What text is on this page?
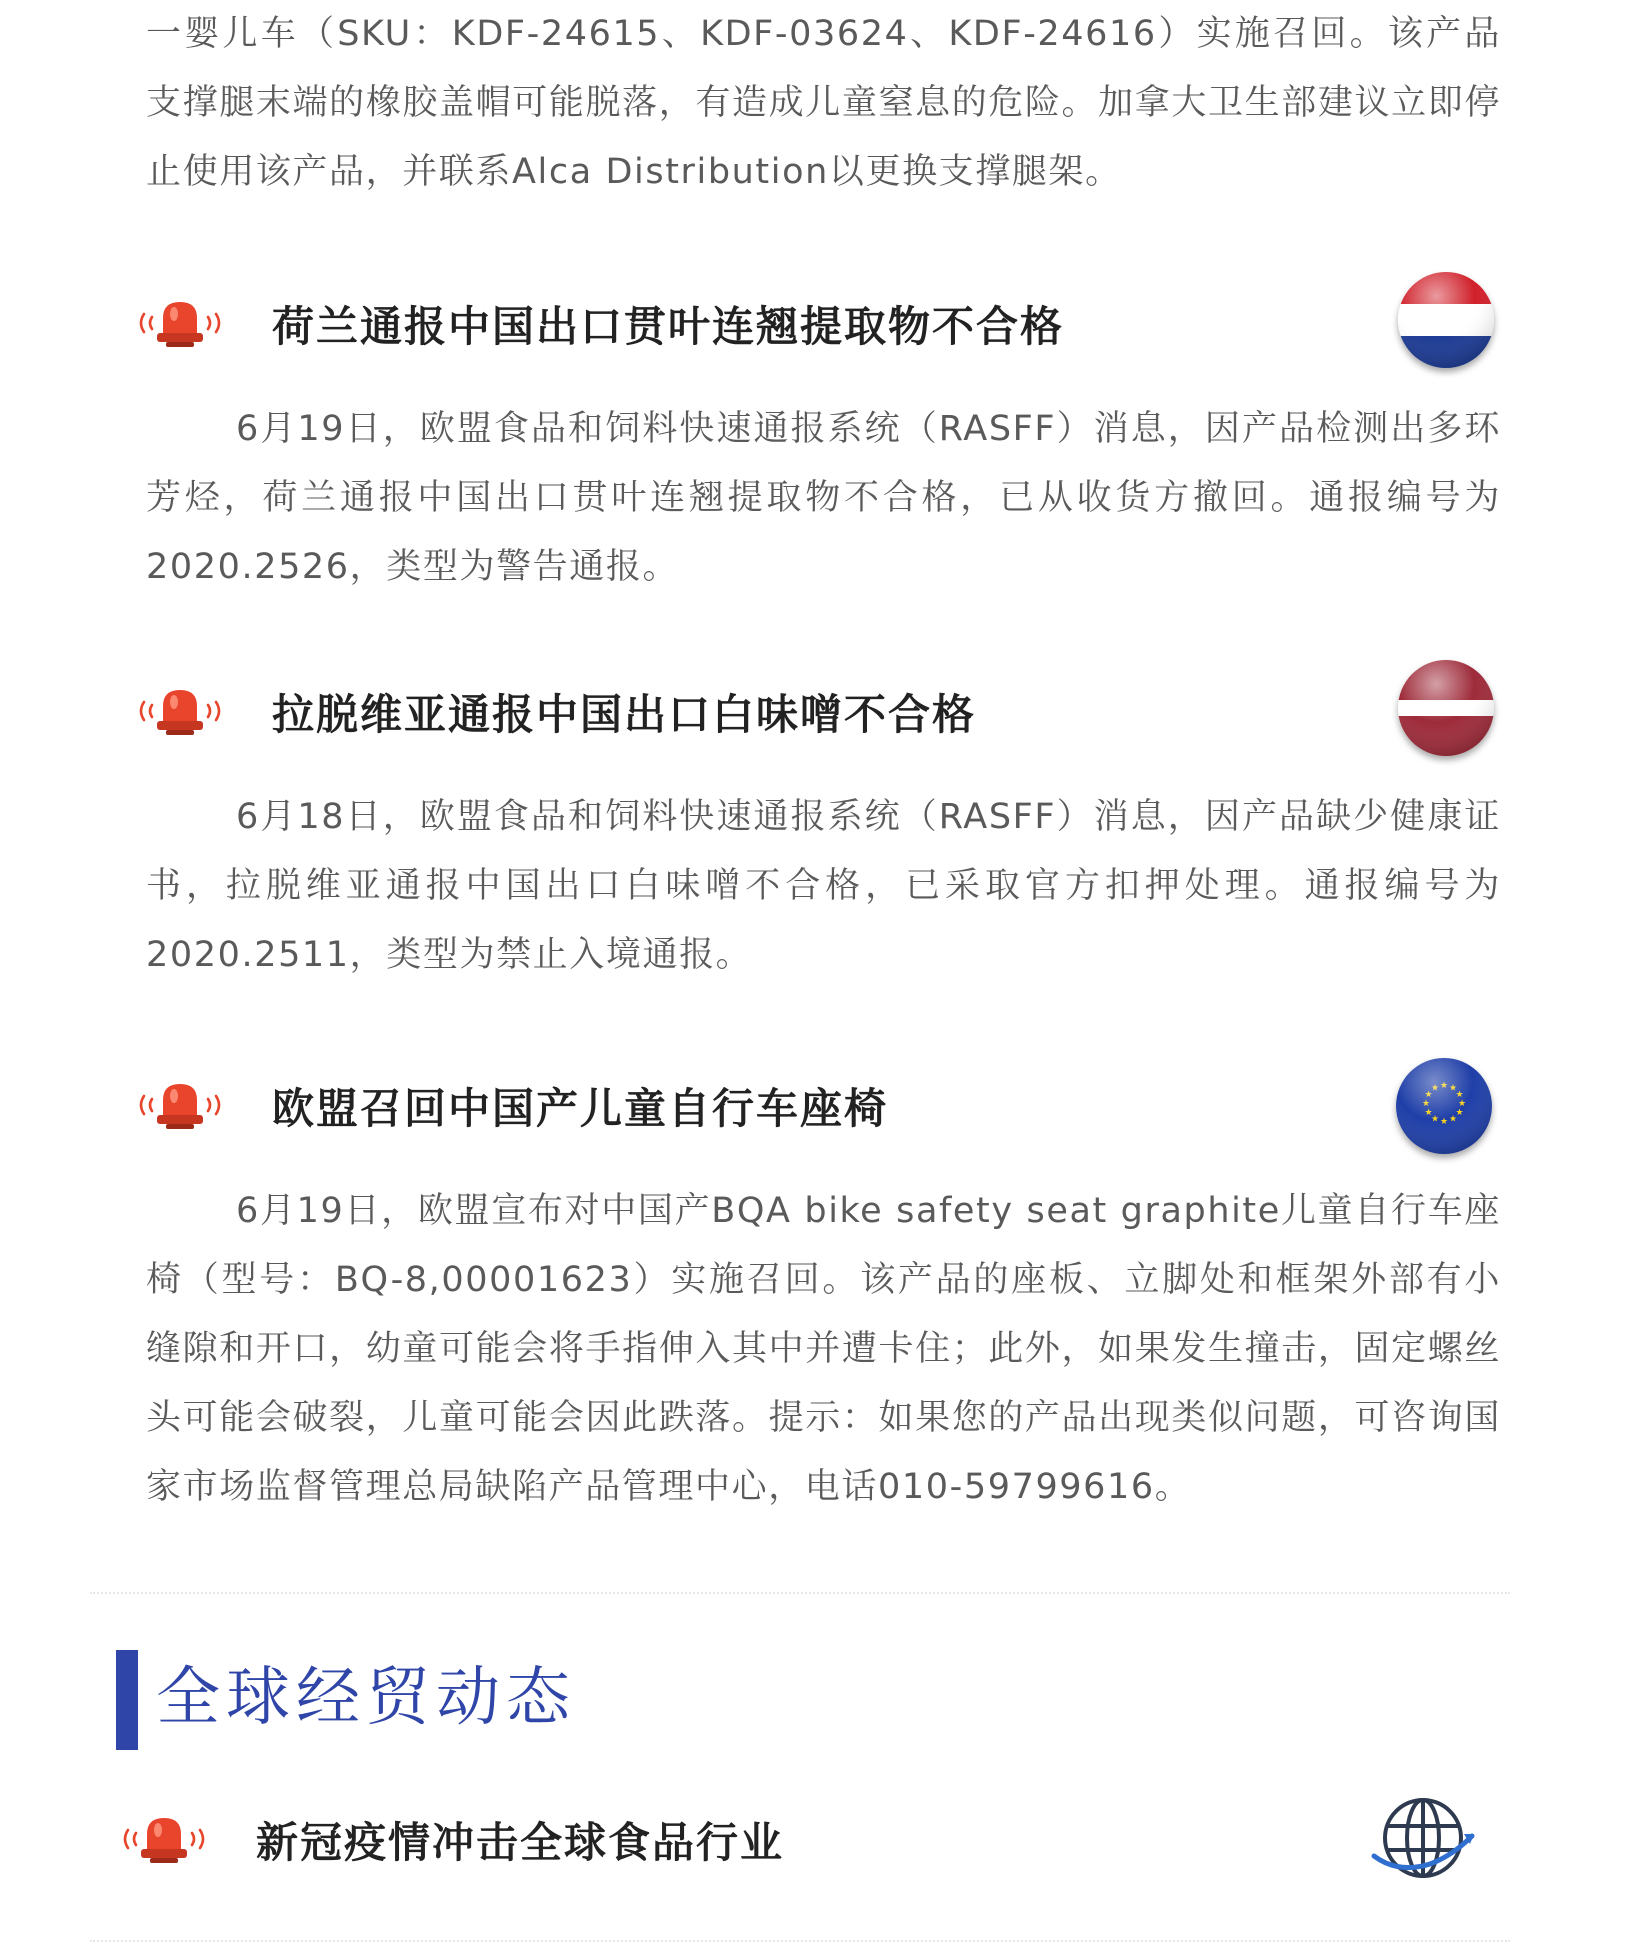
一婴儿车（SKU：KDF-24615、KDF-03624、KDF-24616）实施召回。该产品支撑腿末端的橡胶盖帽可能脱落，有造成儿童窒息的危险。加拿大卫生部建议立即停止使用该产品，并联系Alca Distribution以更换支撑腿架。

荷兰通报中国出口贯叶连翘提取物不合格

6月19日，欧盟食品和饲料快速通报系统（RASFF）消息，因产品检测出多环芳烃，荷兰通报中国出口贯叶连翘提取物不合格，已从收货方撤回。通报编号为2020.2526，类型为警告通报。

拉脱维亚通报中国出口白味噌不合格

6月18日，欧盟食品和饲料快速通报系统（RASFF）消息，因产品缺少健康证书，拉脱维亚通报中国出口白味噌不合格，已采取官方扣押处理。通报编号为2020.2511，类型为禁止入境通报。

欧盟召回中国产儿童自行车座椅

6月19日，欧盟宣布对中国产BQA bike safety seat graphite儿童自行车座椅（型号：BQ-8,00001623）实施召回。该产品的座板、立脚处和框架外部有小缝隙和开口，幼童可能会将手指伸入其中并遭卡住；此外，如果发生撞击，固定螺丝头可能会破裂，儿童可能会因此跌落。提示：如果您的产品出现类似问题，可咨询国家市场监督管理总局缺陷产品管理中心，电话010-59799616。

全球经贸动态
新冠疫情冲击全球食品行业
